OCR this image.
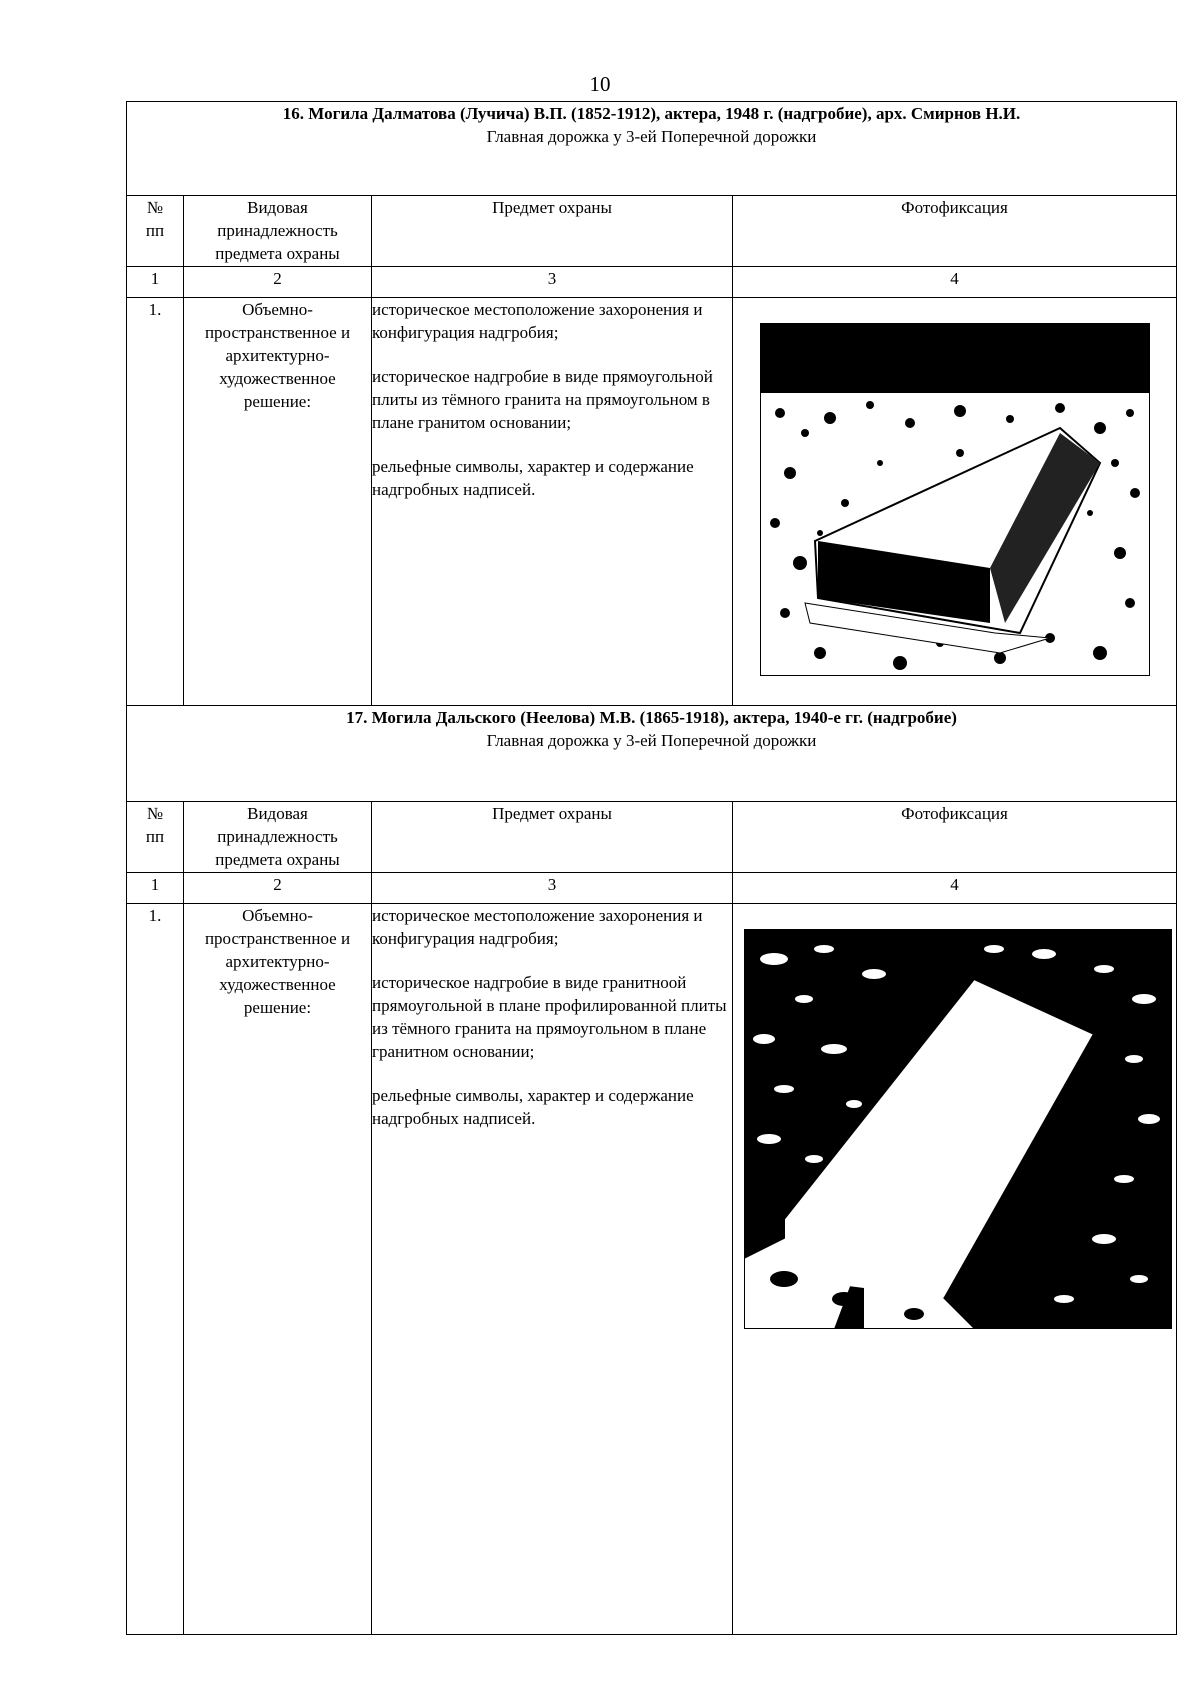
10
16. Могила Далматова (Лучича) В.П. (1852-1912), актера, 1948 г. (надгробие), арх. Смирнов Н.И.
Главная дорожка у 3-ей Поперечной дорожки			

№ пп	Видовая принадлежность предмета охраны	Предмет охраны	Фотофиксация
1	2	3	4
1.	Объемно-пространственное и архитектурно-художественное решение:	историческое местоположение захоронения и конфигурация надгробия;

историческое надгробие в виде прямоугольной плиты из тёмного гранита на прямоугольном в плане гранитом основании;

рельефные символы, характер и содержание надгробных надписей.

17. Могила Дальского (Неелова) М.В. (1865-1918), актера, 1940-е гг. (надгробие)
Главная дорожка у 3-ей Поперечной дорожки			

№ пп	Видовая принадлежность предмета охраны	Предмет охраны	Фотофиксация
1	2	3	4
1.	Объемно-пространственное и архитектурно-художественное решение:	историческое местоположение захоронения и конфигурация надгробия;

историческое надгробие в виде гранитноой прямоугольной в плане профилированной плиты из тёмного гранита на прямоугольном в плане гранитном основании;

рельефные символы, характер и содержание надгробных надписей.
